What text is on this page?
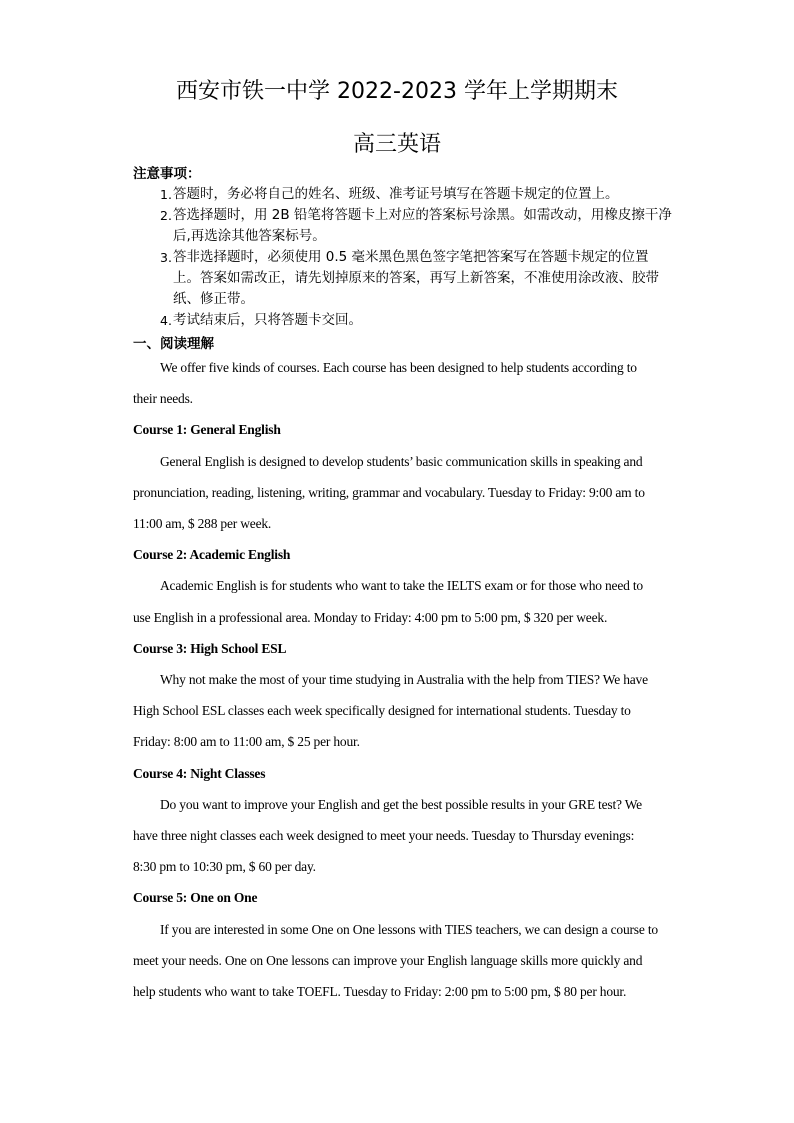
西安市铁一中学 2022-2023 学年上学期期末
高三英语
注意事项：
1. 答题时，务必将自己的姓名、班级、准考证号填写在答题卡规定的位置上。
2. 答选择题时，用 2B 铅笔将答题卡上对应的答案标号涂黑。如需改动，用橡皮擦干净后,再选涂其他答案标号。
3. 答非选择题时，必须使用 0.5 毫米黑色黑色签字笔把答案写在答题卡规定的位置上。答案如需改正，请先划掉原来的答案，再写上新答案，不准使用涂改液、胶带纸、修正带。
4. 考试结束后，只将答题卡交回。
一、阅读理解

We offer five kinds of courses. Each course has been designed to help students according to their needs.

Course 1: General English

General English is designed to develop students’ basic communication skills in speaking and pronunciation, reading, listening, writing, grammar and vocabulary. Tuesday to Friday: 9:00 am to 11:00 am, $ 288 per week.

Course 2: Academic English

Academic English is for students who want to take the IELTS exam or for those who need to use English in a professional area. Monday to Friday: 4:00 pm to 5:00 pm, $ 320 per week.

Course 3: High School ESL

Why not make the most of your time studying in Australia with the help from TIES? We have High School ESL classes each week specifically designed for international students. Tuesday to Friday: 8:00 am to 11:00 am, $ 25 per hour.

Course 4: Night Classes

Do you want to improve your English and get the best possible results in your GRE test? We have three night classes each week designed to meet your needs. Tuesday to Thursday evenings: 8:30 pm to 10:30 pm, $ 60 per day.

Course 5: One on One

If you are interested in some One on One lessons with TIES teachers, we can design a course to meet your needs. One on One lessons can improve your English language skills more quickly and help students who want to take TOEFL. Tuesday to Friday: 2:00 pm to 5:00 pm, $ 80 per hour.
